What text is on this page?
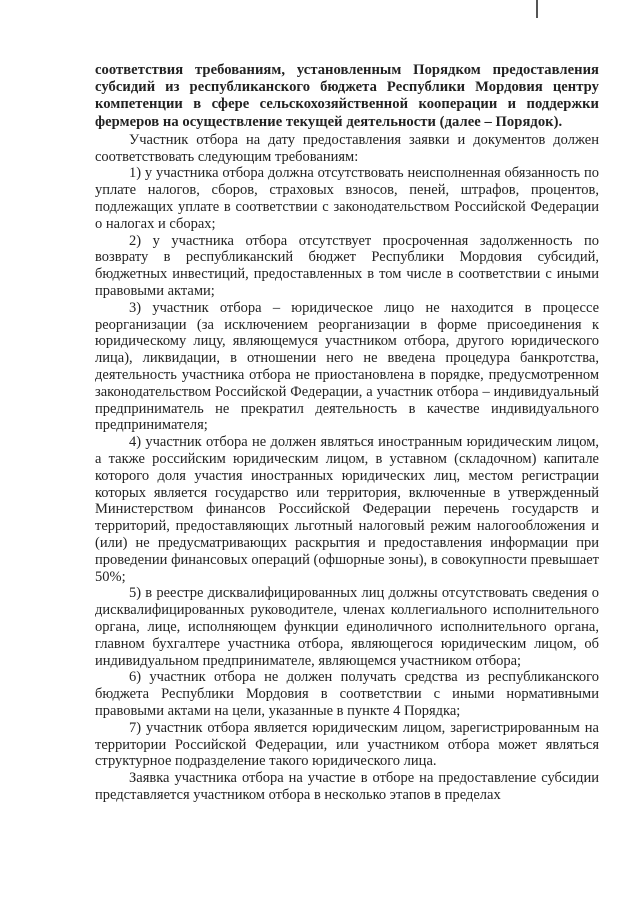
соответствия требованиям, установленным Порядком предоставления субсидий из республиканского бюджета Республики Мордовия центру компетенции в сфере сельскохозяйственной кооперации и поддержки фермеров на осуществление текущей деятельности (далее – Порядок).

Участник отбора на дату предоставления заявки и документов должен соответствовать следующим требованиям:

1) у участника отбора должна отсутствовать неисполненная обязанность по уплате налогов, сборов, страховых взносов, пеней, штрафов, процентов, подлежащих уплате в соответствии с законодательством Российской Федерации о налогах и сборах;

2) у участника отбора отсутствует просроченная задолженность по возврату в республиканский бюджет Республики Мордовия субсидий, бюджетных инвестиций, предоставленных в том числе в соответствии с иными правовыми актами;

3) участник отбора – юридическое лицо не находится в процессе реорганизации (за исключением реорганизации в форме присоединения к юридическому лицу, являющемуся участником отбора, другого юридического лица), ликвидации, в отношении него не введена процедура банкротства, деятельность участника отбора не приостановлена в порядке, предусмотренном законодательством Российской Федерации, а участник отбора – индивидуальный предприниматель не прекратил деятельность в качестве индивидуального предпринимателя;

4) участник отбора не должен являться иностранным юридическим лицом, а также российским юридическим лицом, в уставном (складочном) капитале которого доля участия иностранных юридических лиц, местом регистрации которых является государство или территория, включенные в утвержденный Министерством финансов Российской Федерации перечень государств и территорий, предоставляющих льготный налоговый режим налогообложения и (или) не предусматривающих раскрытия и предоставления информации при проведении финансовых операций (офшорные зоны), в совокупности превышает 50%;

5) в реестре дисквалифицированных лиц должны отсутствовать сведения о дисквалифицированных руководителе, членах коллегиального исполнительного органа, лице, исполняющем функции единоличного исполнительного органа, главном бухгалтере участника отбора, являющегося юридическим лицом, об индивидуальном предпринимателе, являющемся участником отбора;

6) участник отбора не должен получать средства из республиканского бюджета Республики Мордовия в соответствии с иными нормативными правовыми актами на цели, указанные в пункте 4 Порядка;

7) участник отбора является юридическим лицом, зарегистрированным на территории Российской Федерации, или участником отбора может являться структурное подразделение такого юридического лица.

Заявка участника отбора на участие в отборе на предоставление субсидии представляется участником отбора в несколько этапов в пределах
